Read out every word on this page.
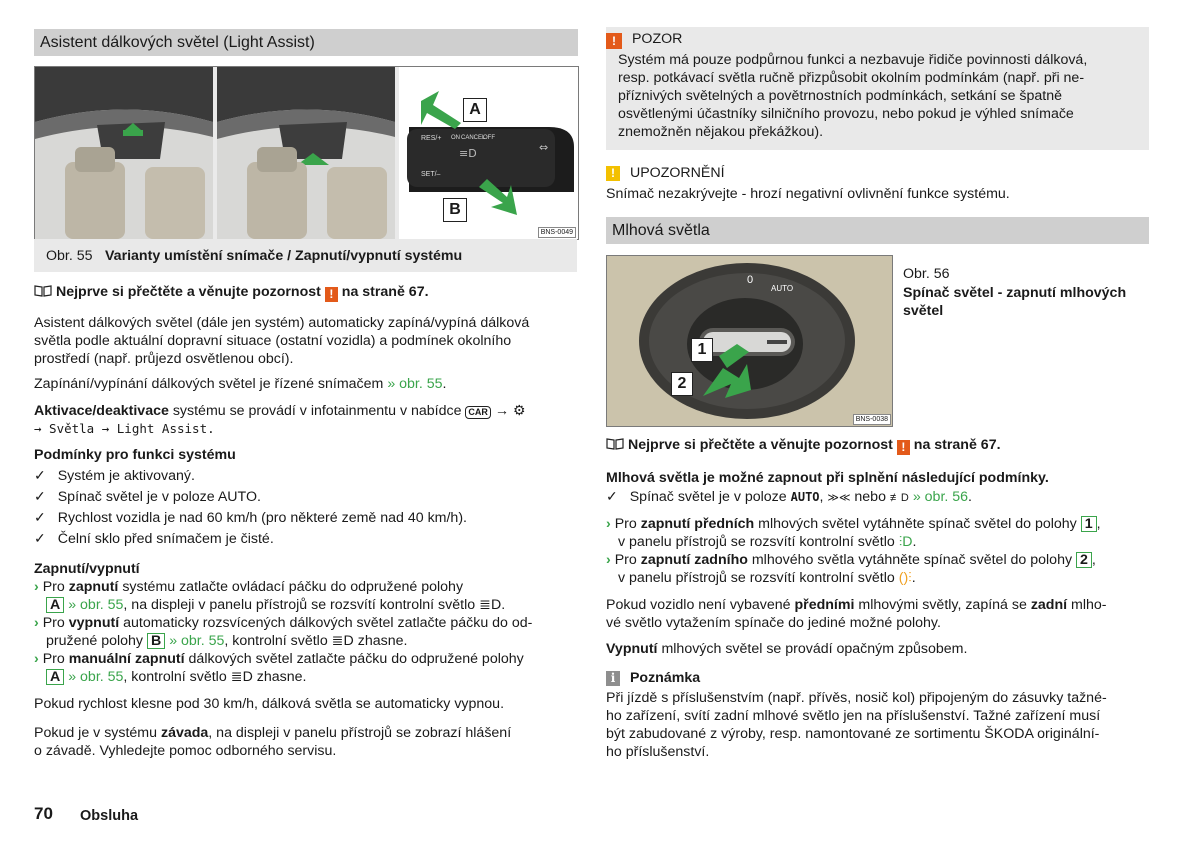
Asistent dálkových světel (Light Assist)
≡D	⇔
RES/+ ON CANCEL
OFF
SET/–
A
B
BNS-0049
Obr. 55 Varianty umístění snímače / Zapnutí/vypnutí systému
Nejprve si přečtěte a věnujte pozornost ! na straně 67.
Asistent dálkových světel (dále jen systém) automaticky zapíná/vypíná dálková
světla podle aktuální dopravní situace (ostatní vozidla) a podmínek okolního
prostředí (např. průjezd osvětlenou obcí).
Zapínání/vypínání dálkových světel je řízené snímačem » obr. 55.
Aktivace/deaktivace systému se provádí v infotainmentu v nabídce CAR → ⚙
→ Světla → Light Assist.
Podmínky pro funkci systému
✓ Systém je aktivovaný.
✓ Spínač světel je v poloze AUTO.
✓ Rychlost vozidla je nad 60 km/h (pro některé země nad 40 km/h).
✓ Čelní sklo před snímačem je čisté.
Zapnutí/vypnutí
› Pro zapnutí systému zatlačte ovládací páčku do odpružené polohy
A » obr. 55, na displeji v panelu přístrojů se rozsvítí kontrolní světlo ≣D.
› Pro vypnutí automaticky rozsvícených dálkových světel zatlačte páčku do od-
pružené polohy B » obr. 55, kontrolní světlo ≣D zhasne.
› Pro manuální zapnutí dálkových světel zatlačte páčku do odpružené polohy
A » obr. 55, kontrolní světlo ≣D zhasne.
Pokud rychlost klesne pod 30 km/h, dálková světla se automaticky vypnou.
Pokud je v systému závada, na displeji v panelu přístrojů se zobrazí hlášení
o závadě. Vyhledejte pomoc odborného servisu.
70 Obsluha
! POZOR
Systém má pouze podpůrnou funkci a nezbavuje řidiče povinnosti dálková,
resp. potkávací světla ručně přizpůsobit okolním podmínkám (např. při ne-
příznivých světelných a povětrnostních podmínkách, setkání se špatně
osvětlenými účastníky silničního provozu, nebo pokud je výhled snímače
znemožněn nějakou překážkou).
! UPOZORNĚNÍ
Snímač nezakrývejte - hrozí negativní ovlivnění funkce systému.
Mlhová světla
0
AUTO
1
2
BNS-0038
Obr. 56
Spínač světel - zapnutí mlhových
světel
Nejprve si přečtěte a věnujte pozornost ! na straně 67.
Mlhová světla je možné zapnout při splnění následující podmínky.
✓ Spínač světel je v poloze AUTO, ≫≪ nebo ≢D » obr. 56.
› Pro zapnutí předních mlhových světel vytáhněte spínač světel do polohy 1 ,
v panelu přístrojů se rozsvítí kontrolní světlo ⫶D.
› Pro zapnutí zadního mlhového světla vytáhněte spínač světel do polohy 2 ,
v panelu přístrojů se rozsvítí kontrolní světlo ()⫶.
Pokud vozidlo není vybavené předními mlhovými světly, zapíná se zadní mlho-
vé světlo vytažením spínače do jediné možné polohy.
Vypnutí mlhových světel se provádí opačným způsobem.
i Poznámka
Při jízdě s příslušenstvím (např. přívěs, nosič kol) připojeným do zásuvky tažné-
ho zařízení, svítí zadní mlhové světlo jen na příslušenství. Tažné zařízení musí
být zabudované z výroby, resp. namontované ze sortimentu ŠKODA originální-
ho příslušenství.
